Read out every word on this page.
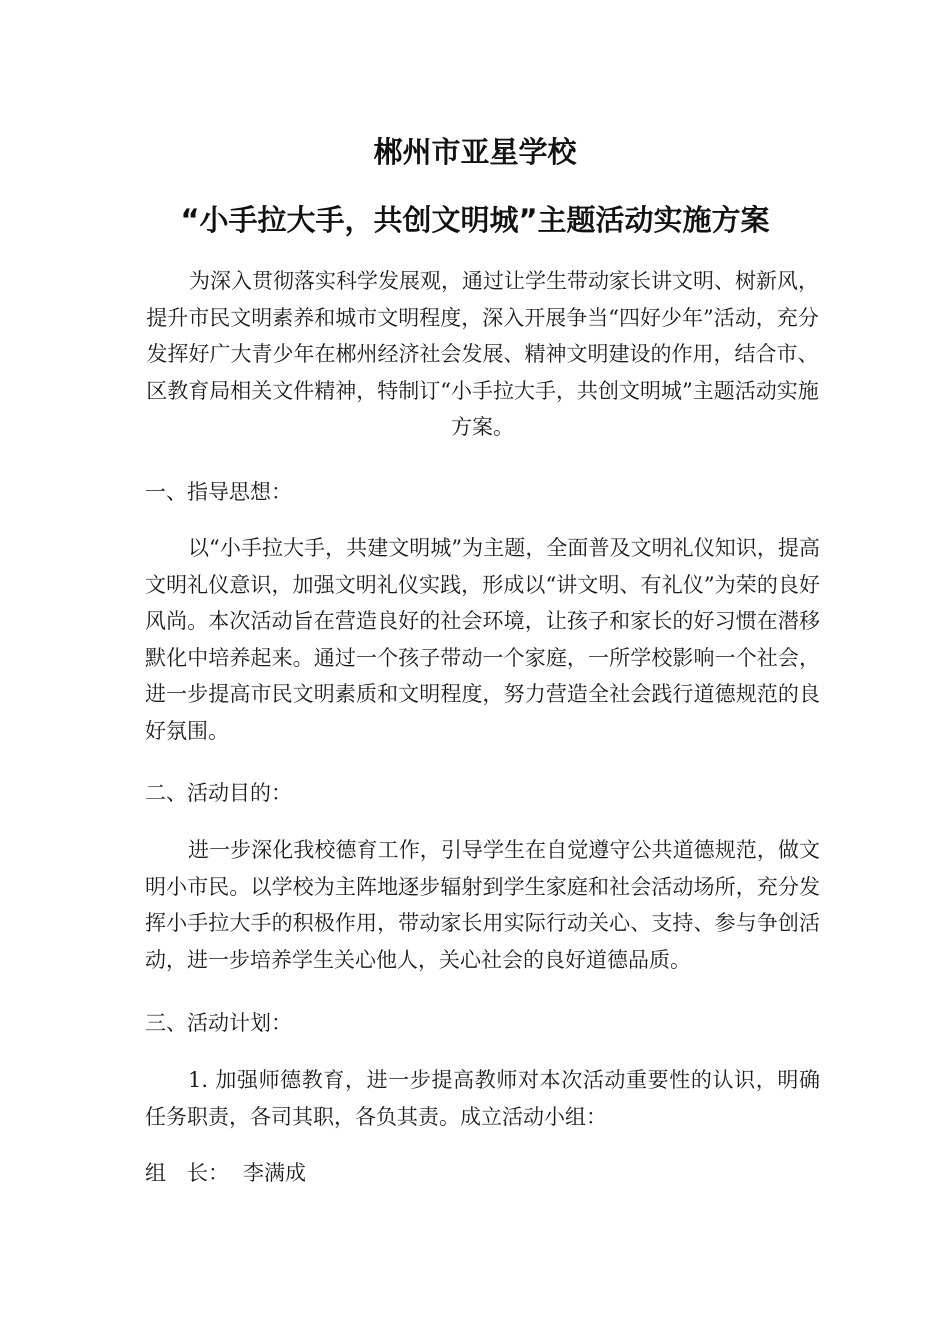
郴州市亚星学校
“小手拉大手，共创文明城”主题活动实施方案

为深入贯彻落实科学发展观，通过让学生带动家长讲文明、树新风，提升市民文明素养和城市文明程度，深入开展争当“四好少年”活动，充分发挥好广大青少年在郴州经济社会发展、精神文明建设的作用，结合市、区教育局相关文件精神，特制订“小手拉大手，共创文明城”主题活动实施方案。

一、指导思想：

以“小手拉大手，共建文明城”为主题，全面普及文明礼仪知识，提高文明礼仪意识，加强文明礼仪实践，形成以“讲文明、有礼仪”为荣的良好风尚。本次活动旨在营造良好的社会环境，让孩子和家长的好习惯在潜移默化中培养起来。通过一个孩子带动一个家庭，一所学校影响一个社会，进一步提高市民文明素质和文明程度，努力营造全社会践行道德规范的良好氛围。

二、活动目的：

进一步深化我校德育工作，引导学生在自觉遵守公共道德规范，做文明小市民。以学校为主阵地逐步辐射到学生家庭和社会活动场所，充分发挥小手拉大手的积极作用，带动家长用实际行动关心、支持、参与争创活动，进一步培养学生关心他人，关心社会的良好道德品质。

三、活动计划：

1. 加强师德教育，进一步提高教师对本次活动重要性的认识，明确任务职责，各司其职，各负其责。成立活动小组：

组　长： 李满成
